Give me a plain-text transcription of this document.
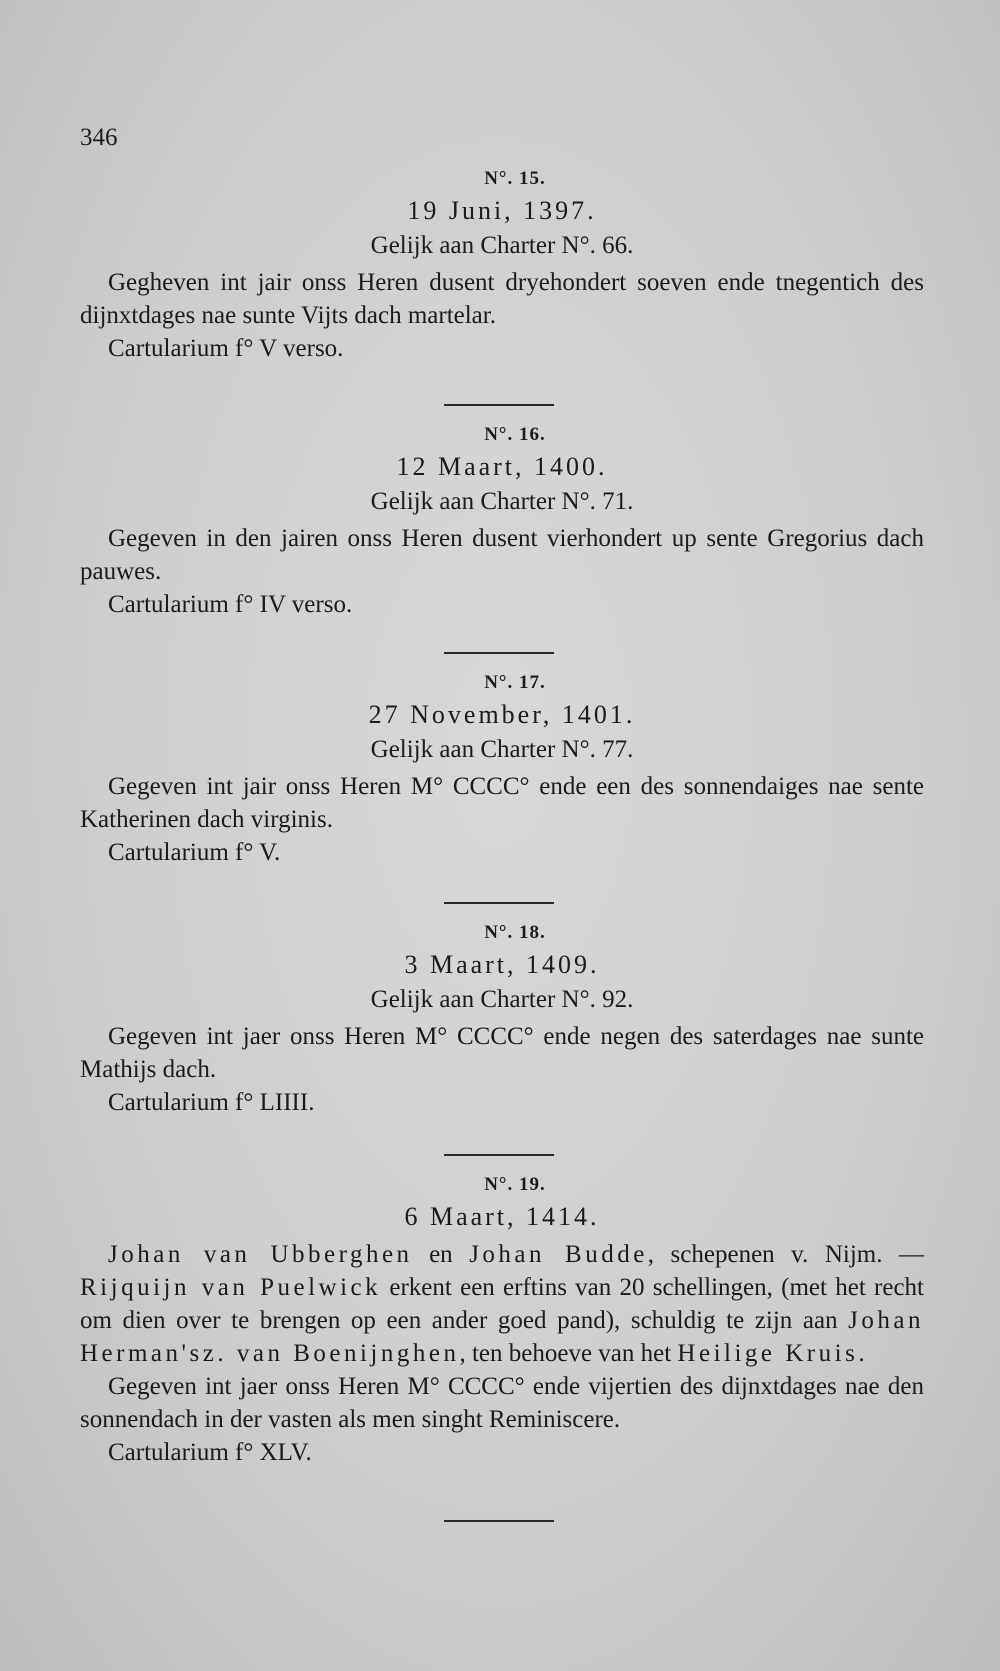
346
N°. 15.
19 Juni, 1397.
Gelijk aan Charter N°. 66.
Gegheven int jair onss Heren dusent dryehondert soeven ende tnegentich des dijnxtdages nae sunte Vijts dach martelar.
Cartularium f° V verso.
N°. 16.
12 Maart, 1400.
Gelijk aan Charter N°. 71.
Gegeven in den jairen onss Heren dusent vierhondert up sente Gregorius dach pauwes.
Cartularium f° IV verso.
N°. 17.
27 November, 1401.
Gelijk aan Charter N°. 77.
Gegeven int jair onss Heren M° CCCC° ende een des sonnendaiges nae sente Katherinen dach virginis.
Cartularium f° V.
N°. 18.
3 Maart, 1409.
Gelijk aan Charter N°. 92.
Gegeven int jaer onss Heren M° CCCC° ende negen des saterdages nae sunte Mathijs dach.
Cartularium f° LIIII.
N°. 19.
6 Maart, 1414.
Johan van Ubberghen en Johan Budde, schepenen v. Nijm. — Rijquijn van Puelwick erkent een erftins van 20 schellingen, (met het recht om dien over te brengen op een ander goed pand), schuldig te zijn aan Johan Herman'sz. van Boenijnghen, ten behoeve van het Heilige Kruis.
Gegeven int jaer onss Heren M° CCCC° ende vijertien des dijnxtdages nae den sonnendach in der vasten als men singht Reminiscere.
Cartularium f° XLV.
